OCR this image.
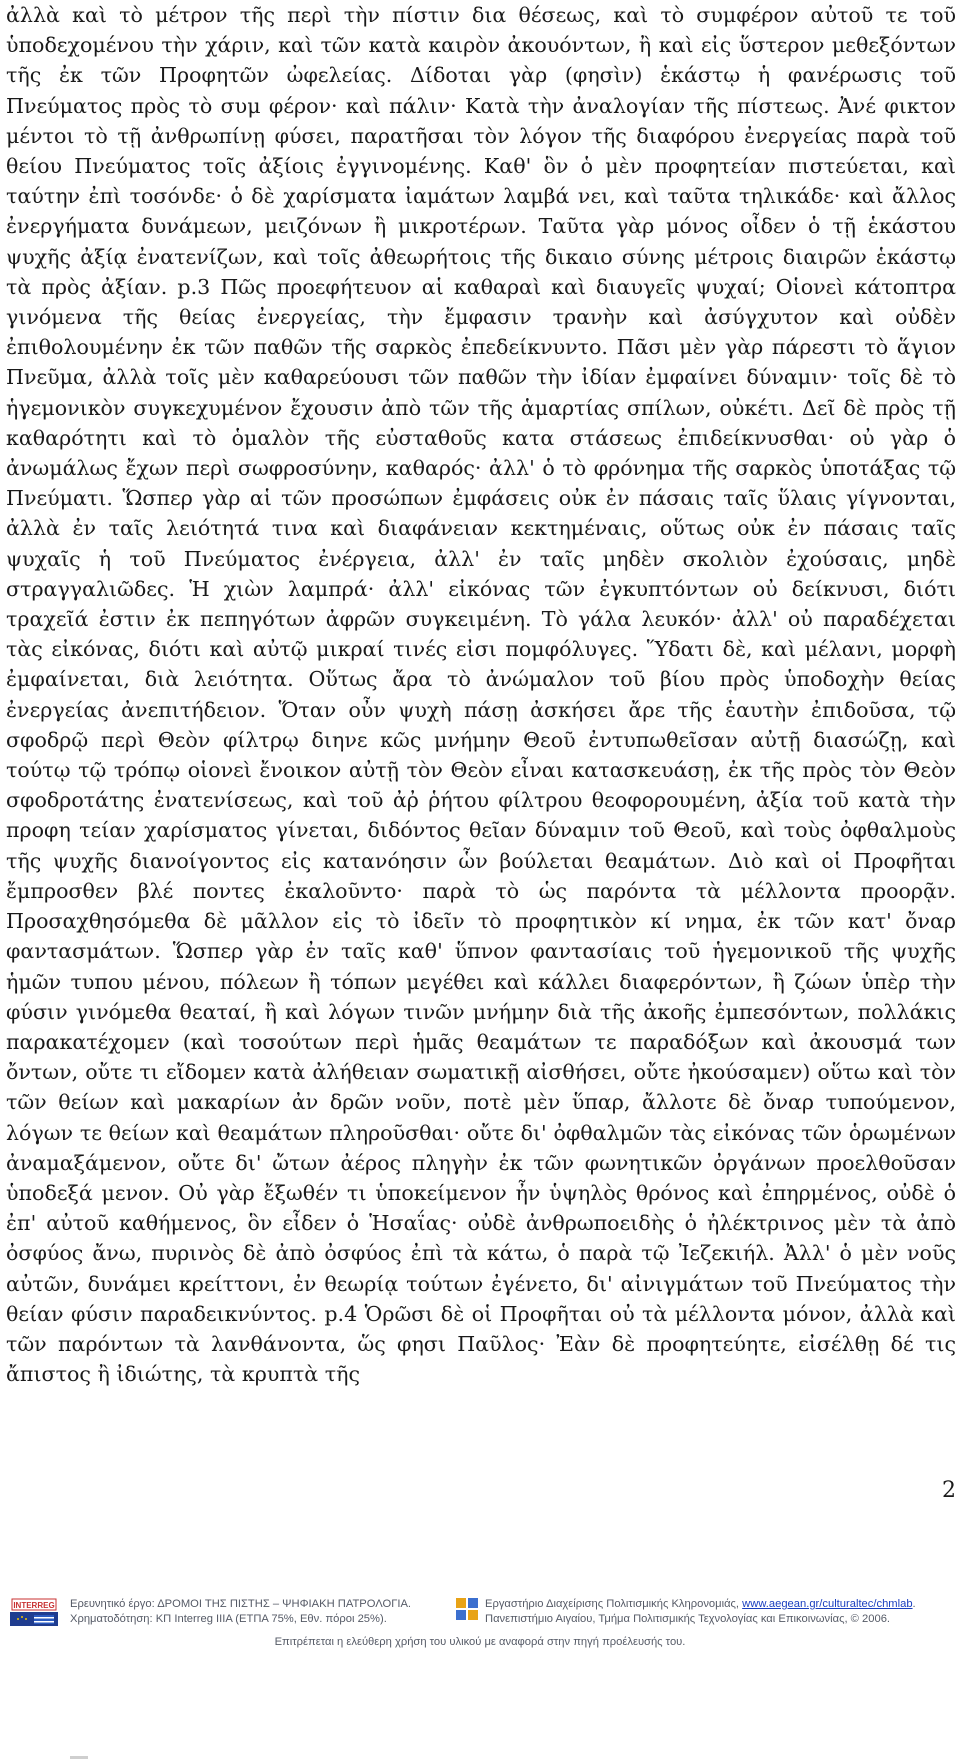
ἀλλὰ καὶ τὸ μέτρον τῆς περὶ τὴν πίστιν δια θέσεως, καὶ τὸ συμφέρον αὐτοῦ τε τοῦ ὑποδεχομένου τὴν χάριν, καὶ τῶν κατὰ καιρὸν ἀκουόντων, ἢ καὶ εἰς ὕστερον μεθεξόντων τῆς ἐκ τῶν Προφητῶν ὠφελείας. Δίδοται γὰρ (φησὶν) ἑκάστῳ ἡ φανέρωσις τοῦ Πνεύματος πρὸς τὸ συμ φέρον· καὶ πάλιν· Κατὰ τὴν ἀναλογίαν τῆς πίστεως. Ἀνέ φικτον μέντοι τὸ τῇ ἀνθρωπίνῃ φύσει, παρατῆσαι τὸν λόγον τῆς διαφόρου ἐνεργείας παρὰ τοῦ θείου Πνεύματος τοῖς ἀξίοις ἐγγινομένης. Καθ' ὃν ὁ μὲν προφητείαν πιστεύεται, καὶ ταύτην ἐπὶ τοσόνδε· ὁ δὲ χαρίσματα ἰαμάτων λαμβά νει, καὶ ταῦτα τηλικάδε· καὶ ἄλλος ἐνεργήματα δυνάμεων, μειζόνων ἢ μικροτέρων. Ταῦτα γὰρ μόνος οἶδεν ὁ τῇ ἑκάστου ψυχῆς ἀξίᾳ ἐνατενίζων, καὶ τοῖς ἀθεωρήτοις τῆς δικαιο σύνης μέτροις διαιρῶν ἑκάστῳ τὰ πρὸς ἀξίαν. p.3 Πῶς προεφήτευον αἱ καθαραὶ καὶ διαυγεῖς ψυχαί; Οἱονεὶ κάτοπτρα γινόμενα τῆς θείας ἐνεργείας, τὴν ἔμφασιν τρανὴν καὶ ἀσύγχυτον καὶ οὐδὲν ἐπιθολουμένην ἐκ τῶν παθῶν τῆς σαρκὸς ἐπεδείκνυντο. Πᾶσι μὲν γὰρ πάρεστι τὸ ἅγιον Πνεῦμα, ἀλλὰ τοῖς μὲν καθαρεύουσι τῶν παθῶν τὴν ἰδίαν ἐμφαίνει δύναμιν· τοῖς δὲ τὸ ἡγεμονικὸν συγκεχυμένον ἔχουσιν ἀπὸ τῶν τῆς ἁμαρτίας σπίλων, οὐκέτι. Δεῖ δὲ πρὸς τῇ καθαρότητι καὶ τὸ ὁμαλὸν τῆς εὐσταθοῦς κατα στάσεως ἐπιδείκνυσθαι· οὐ γὰρ ὁ ἀνωμάλως ἔχων περὶ σωφροσύνην, καθαρός· ἀλλ' ὁ τὸ φρόνημα τῆς σαρκὸς ὑποτάξας τῷ Πνεύματι. Ὥσπερ γὰρ αἱ τῶν προσώπων ἐμφάσεις οὐκ ἐν πάσαις ταῖς ὕλαις γίγνονται, ἀλλὰ ἐν ταῖς λειότητά τινα καὶ διαφάνειαν κεκτημέναις, οὕτως οὐκ ἐν πάσαις ταῖς ψυχαῖς ἡ τοῦ Πνεύματος ἐνέργεια, ἀλλ' ἐν ταῖς μηδὲν σκολιὸν ἐχούσαις, μηδὲ στραγγαλιῶδες. Ἡ χιὼν λαμπρά· ἀλλ' εἰκόνας τῶν ἐγκυπτόντων οὐ δείκνυσι, διότι τραχεῖά ἐστιν ἐκ πεπηγότων ἀφρῶν συγκειμένη. Τὸ γάλα λευκόν· ἀλλ' οὐ παραδέχεται τὰς εἰκόνας, διότι καὶ αὐτῷ μικραί τινές εἰσι πομφόλυγες. Ὕδατι δὲ, καὶ μέλανι, μορφὴ ἐμφαίνεται, διὰ λειότητα. Οὕτως ἄρα τὸ ἀνώμαλον τοῦ βίου πρὸς ὑποδοχὴν θείας ἐνεργείας ἀνεπιτήδειον. Ὅταν οὖν ψυχὴ πάσῃ ἀσκήσει ἄρε τῆς ἑαυτὴν ἐπιδοῦσα, τῷ σφοδρῷ περὶ Θεὸν φίλτρῳ διηνε κῶς μνήμην Θεοῦ ἐντυπωθεῖσαν αὐτῇ διασώζῃ, καὶ τούτῳ τῷ τρόπῳ οἱονεὶ ἔνοικον αὐτῇ τὸν Θεὸν εἶναι κατασκευάσῃ, ἐκ τῆς πρὸς τὸν Θεὸν σφοδροτάτης ἐνατενίσεως, καὶ τοῦ ἀῤ ῥήτου φίλτρου θεοφορουμένη, ἀξία τοῦ κατὰ τὴν προφη τείαν χαρίσματος γίνεται, διδόντος θεῖαν δύναμιν τοῦ Θεοῦ, καὶ τοὺς ὀφθαλμοὺς τῆς ψυχῆς διανοίγοντος εἰς κατανόησιν ὧν βούλεται θεαμάτων. Διὸ καὶ οἱ Προφῆται ἔμπροσθεν βλέ ποντες ἐκαλοῦντο· παρὰ τὸ ὡς παρόντα τὰ μέλλοντα προορᾷν. Προσαχθησόμεθα δὲ μᾶλλον εἰς τὸ ἰδεῖν τὸ προφητικὸν κί νημα, ἐκ τῶν κατ' ὄναρ φαντασμάτων. Ὥσπερ γὰρ ἐν ταῖς καθ' ὕπνον φαντασίαις τοῦ ἡγεμονικοῦ τῆς ψυχῆς ἡμῶν τυπου μένου, πόλεων ἢ τόπων μεγέθει καὶ κάλλει διαφερόντων, ἢ ζώων ὑπὲρ τὴν φύσιν γινόμεθα θεαταί, ἢ καὶ λόγων τινῶν μνήμην διὰ τῆς ἀκοῆς ἐμπεσόντων, πολλάκις παρακατέχομεν (καὶ τοσούτων περὶ ἡμᾶς θεαμάτων τε παραδόξων καὶ ἀκουσμά των ὄντων, οὔτε τι εἴδομεν κατὰ ἀλήθειαν σωματικῇ αἰσθήσει, οὔτε ἠκούσαμεν) οὕτω καὶ τὸν τῶν θείων καὶ μακαρίων ἀν δρῶν νοῦν, ποτὲ μὲν ὕπαρ, ἄλλοτε δὲ ὄναρ τυπούμενον, λόγων τε θείων καὶ θεαμάτων πληροῦσθαι· οὔτε δι' ὀφθαλμῶν τὰς εἰκόνας τῶν ὁρωμένων ἀναμαξάμενον, οὔτε δι' ὤτων ἀέρος πληγὴν ἐκ τῶν φωνητικῶν ὀργάνων προελθοῦσαν ὑποδεξά μενον. Οὐ γὰρ ἔξωθέν τι ὑποκείμενον ἦν ὑψηλὸς θρόνος καὶ ἐπηρμένος, οὐδὲ ὁ ἐπ' αὐτοῦ καθήμενος, ὃν εἶδεν ὁ Ἡσαΐας· οὐδὲ ἀνθρωποειδὴς ὁ ἠλέκτρινος μὲν τὰ ἀπὸ ὀσφύος ἄνω, πυρινὸς δὲ ἀπὸ ὀσφύος ἐπὶ τὰ κάτω, ὁ παρὰ τῷ Ἰεζεκιήλ. Ἀλλ' ὁ μὲν νοῦς αὐτῶν, δυνάμει κρείττονι, ἐν θεωρίᾳ τούτων ἐγένετο, δι' αἰνιγμάτων τοῦ Πνεύματος τὴν θείαν φύσιν παραδεικνύντος. p.4 Ὁρῶσι δὲ οἱ Προφῆται οὐ τὰ μέλλοντα μόνον, ἀλλὰ καὶ τῶν παρόντων τὰ λανθάνοντα, ὥς φησι Παῦλος· Ἐὰν δὲ προφητεύητε, εἰσέλθῃ δέ τις ἄπιστος ἢ ἰδιώτης, τὰ κρυπτὰ τῆς
2
INTERREG Ερευνητικό έργο: ΔΡΟΜΟΙ ΤΗΣ ΠΙΣΤΗΣ – ΨΗΦΙΑΚΗ ΠΑΤΡΟΛΟΓΙΑ.
Χρηματοδότηση: ΚΠ Interreg IIIA (ΕΤΠΑ 75%, Εθν. πόροι 25%).
Εργαστήριο Διαχείρισης Πολιτισμικής Κληρονομιάς, www.aegean.gr/culturaltec/chmlab.
Πανεπιστήμιο Αιγαίου, Τμήμα Πολιτισμικής Τεχνολογίας και Επικοινωνίας, © 2006.
Επιτρέπεται η ελεύθερη χρήση του υλικού με αναφορά στην πηγή προέλευσής του.
